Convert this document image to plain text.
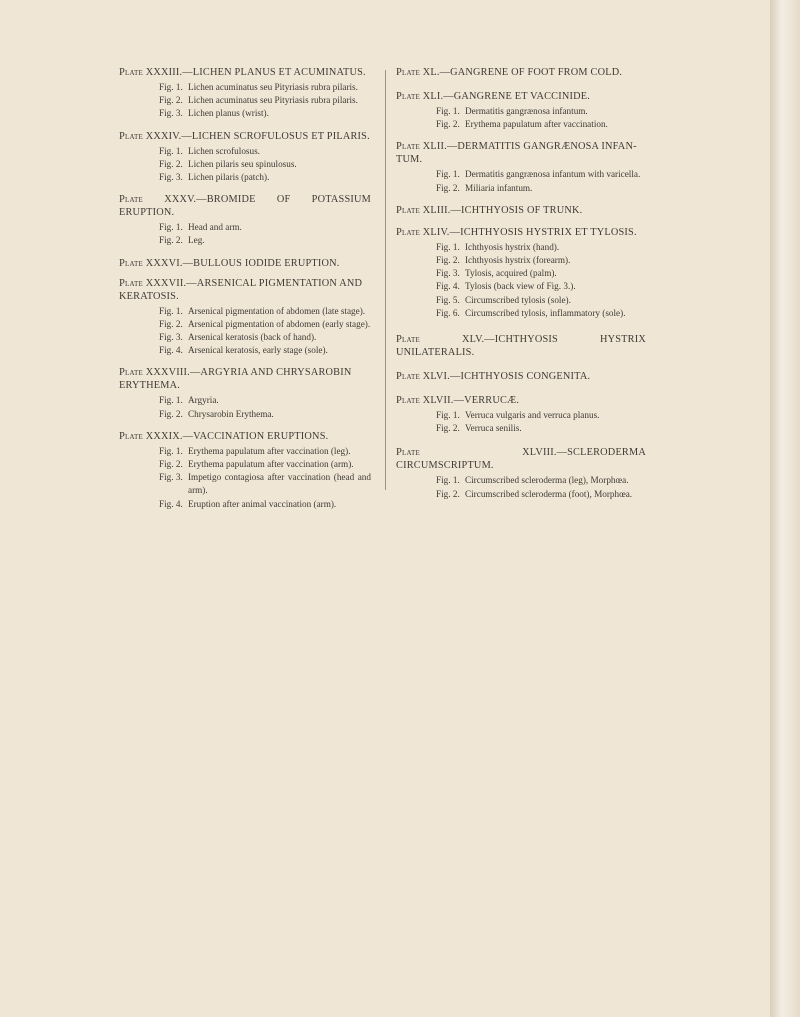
Plate XXXIII.—LICHEN PLANUS ET ACUMINATUS.
Fig. 1. Lichen acuminatus seu Pityriasis rubra pilaris.
Fig. 2. Lichen acuminatus seu Pityriasis rubra pilaris.
Fig. 3. Lichen planus (wrist).
Plate XXXIV.—LICHEN SCROFULOSUS ET PILARIS.
Fig. 1. Lichen scrofulosus.
Fig. 2. Lichen pilaris seu spinulosus.
Fig. 3. Lichen pilaris (patch).
Plate XXXV.—BROMIDE OF POTASSIUM ERUPTION.
Fig. 1. Head and arm.
Fig. 2. Leg.
Plate XXXVI.—BULLOUS IODIDE ERUPTION.
Plate XXXVII.—ARSENICAL PIGMENTATION AND
KERATOSIS.
Fig. 1. Arsenical pigmentation of abdomen (late stage).
Fig. 2. Arsenical pigmentation of abdomen (early stage).
Fig. 3. Arsenical keratosis (back of hand).
Fig. 4. Arsenical keratosis, early stage (sole).
Plate XXXVIII.—ARGYRIA AND CHRYSAROBIN
ERYTHEMA.
Fig. 1. Argyria.
Fig. 2. Chrysarobin Erythema.
Plate XXXIX.—VACCINATION ERUPTIONS.
Fig. 1. Erythema papulatum after vaccination (leg).
Fig. 2. Erythema papulatum after vaccination (arm).
Fig. 3. Impetigo contagiosa after vaccination (head and arm).
Fig. 4. Eruption after animal vaccination (arm).
Plate XL.—GANGRENE OF FOOT FROM COLD.
Plate XLI.—GANGRENE ET VACCINIDE.
Fig. 1. Dermatitis gangrænosa infantum.
Fig. 2. Erythema papulatum after vaccination.
Plate XLII.—DERMATITIS GANGRÆNOSA INFAN-
TUM.
Fig. 1. Dermatitis gangrænosa infantum with varicella.
Fig. 2. Miliaria infantum.
Plate XLIII.—ICHTHYOSIS OF TRUNK.
Plate XLIV.—ICHTHYOSIS HYSTRIX ET TYLOSIS.
Fig. 1. Ichthyosis hystrix (hand).
Fig. 2. Ichthyosis hystrix (forearm).
Fig. 3. Tylosis, acquired (palm).
Fig. 4. Tylosis (back view of Fig. 3.).
Fig. 5. Circumscribed tylosis (sole).
Fig. 6. Circumscribed tylosis, inflammatory (sole).
Plate	XLV.—ICHTHYOSIS HYSTRIX UNILATERALIS.
Plate XLVI.—ICHTHYOSIS CONGENITA.
Plate XLVII.—VERRUCÆ.
Fig. 1. Verruca vulgaris and verruca planus.
Fig. 2. Verruca senilis.
Plate	XLVIII.—SCLERODERMA CIRCUMSCRIPTUM.
Fig. 1. Circumscribed scleroderma (leg), Morphœa.
Fig. 2. Circumscribed scleroderma (foot), Morphœa.
